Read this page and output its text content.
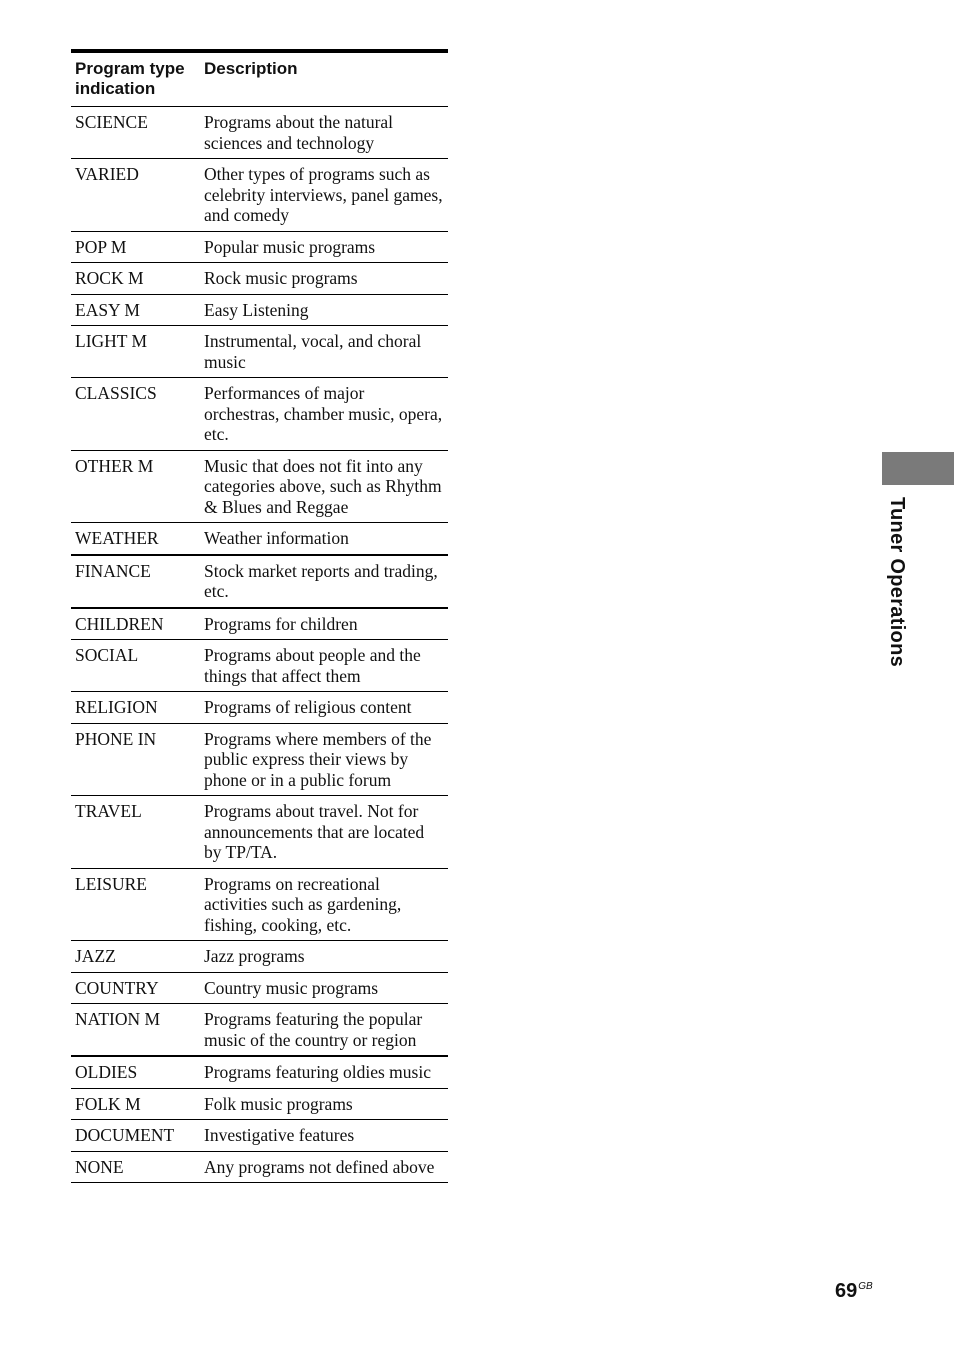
Program type indication	Description
SCIENCE	Programs about the natural sciences and technology
VARIED	Other types of programs such as celebrity interviews, panel games, and comedy
POP M	Popular music programs
ROCK M	Rock music programs
EASY M	Easy Listening
LIGHT M	Instrumental, vocal, and choral music
CLASSICS	Performances of major orchestras, chamber music, opera, etc.
OTHER M	Music that does not fit into any categories above, such as Rhythm & Blues and Reggae
WEATHER	Weather information
FINANCE	Stock market reports and trading, etc.
CHILDREN	Programs for children
SOCIAL	Programs about people and the things that affect them
RELIGION	Programs of religious content
PHONE IN	Programs where members of the public express their views by phone or in a public forum
TRAVEL	Programs about travel. Not for announcements that are located by TP/TA.
LEISURE	Programs on recreational activities such as gardening, fishing, cooking, etc.
JAZZ	Jazz programs
COUNTRY	Country music programs
NATION M	Programs featuring the popular music of the country or region
OLDIES	Programs featuring oldies music
FOLK M	Folk music programs
DOCUMENT	Investigative features
NONE	Any programs not defined above
Tuner Operations
$69^{GB}$
